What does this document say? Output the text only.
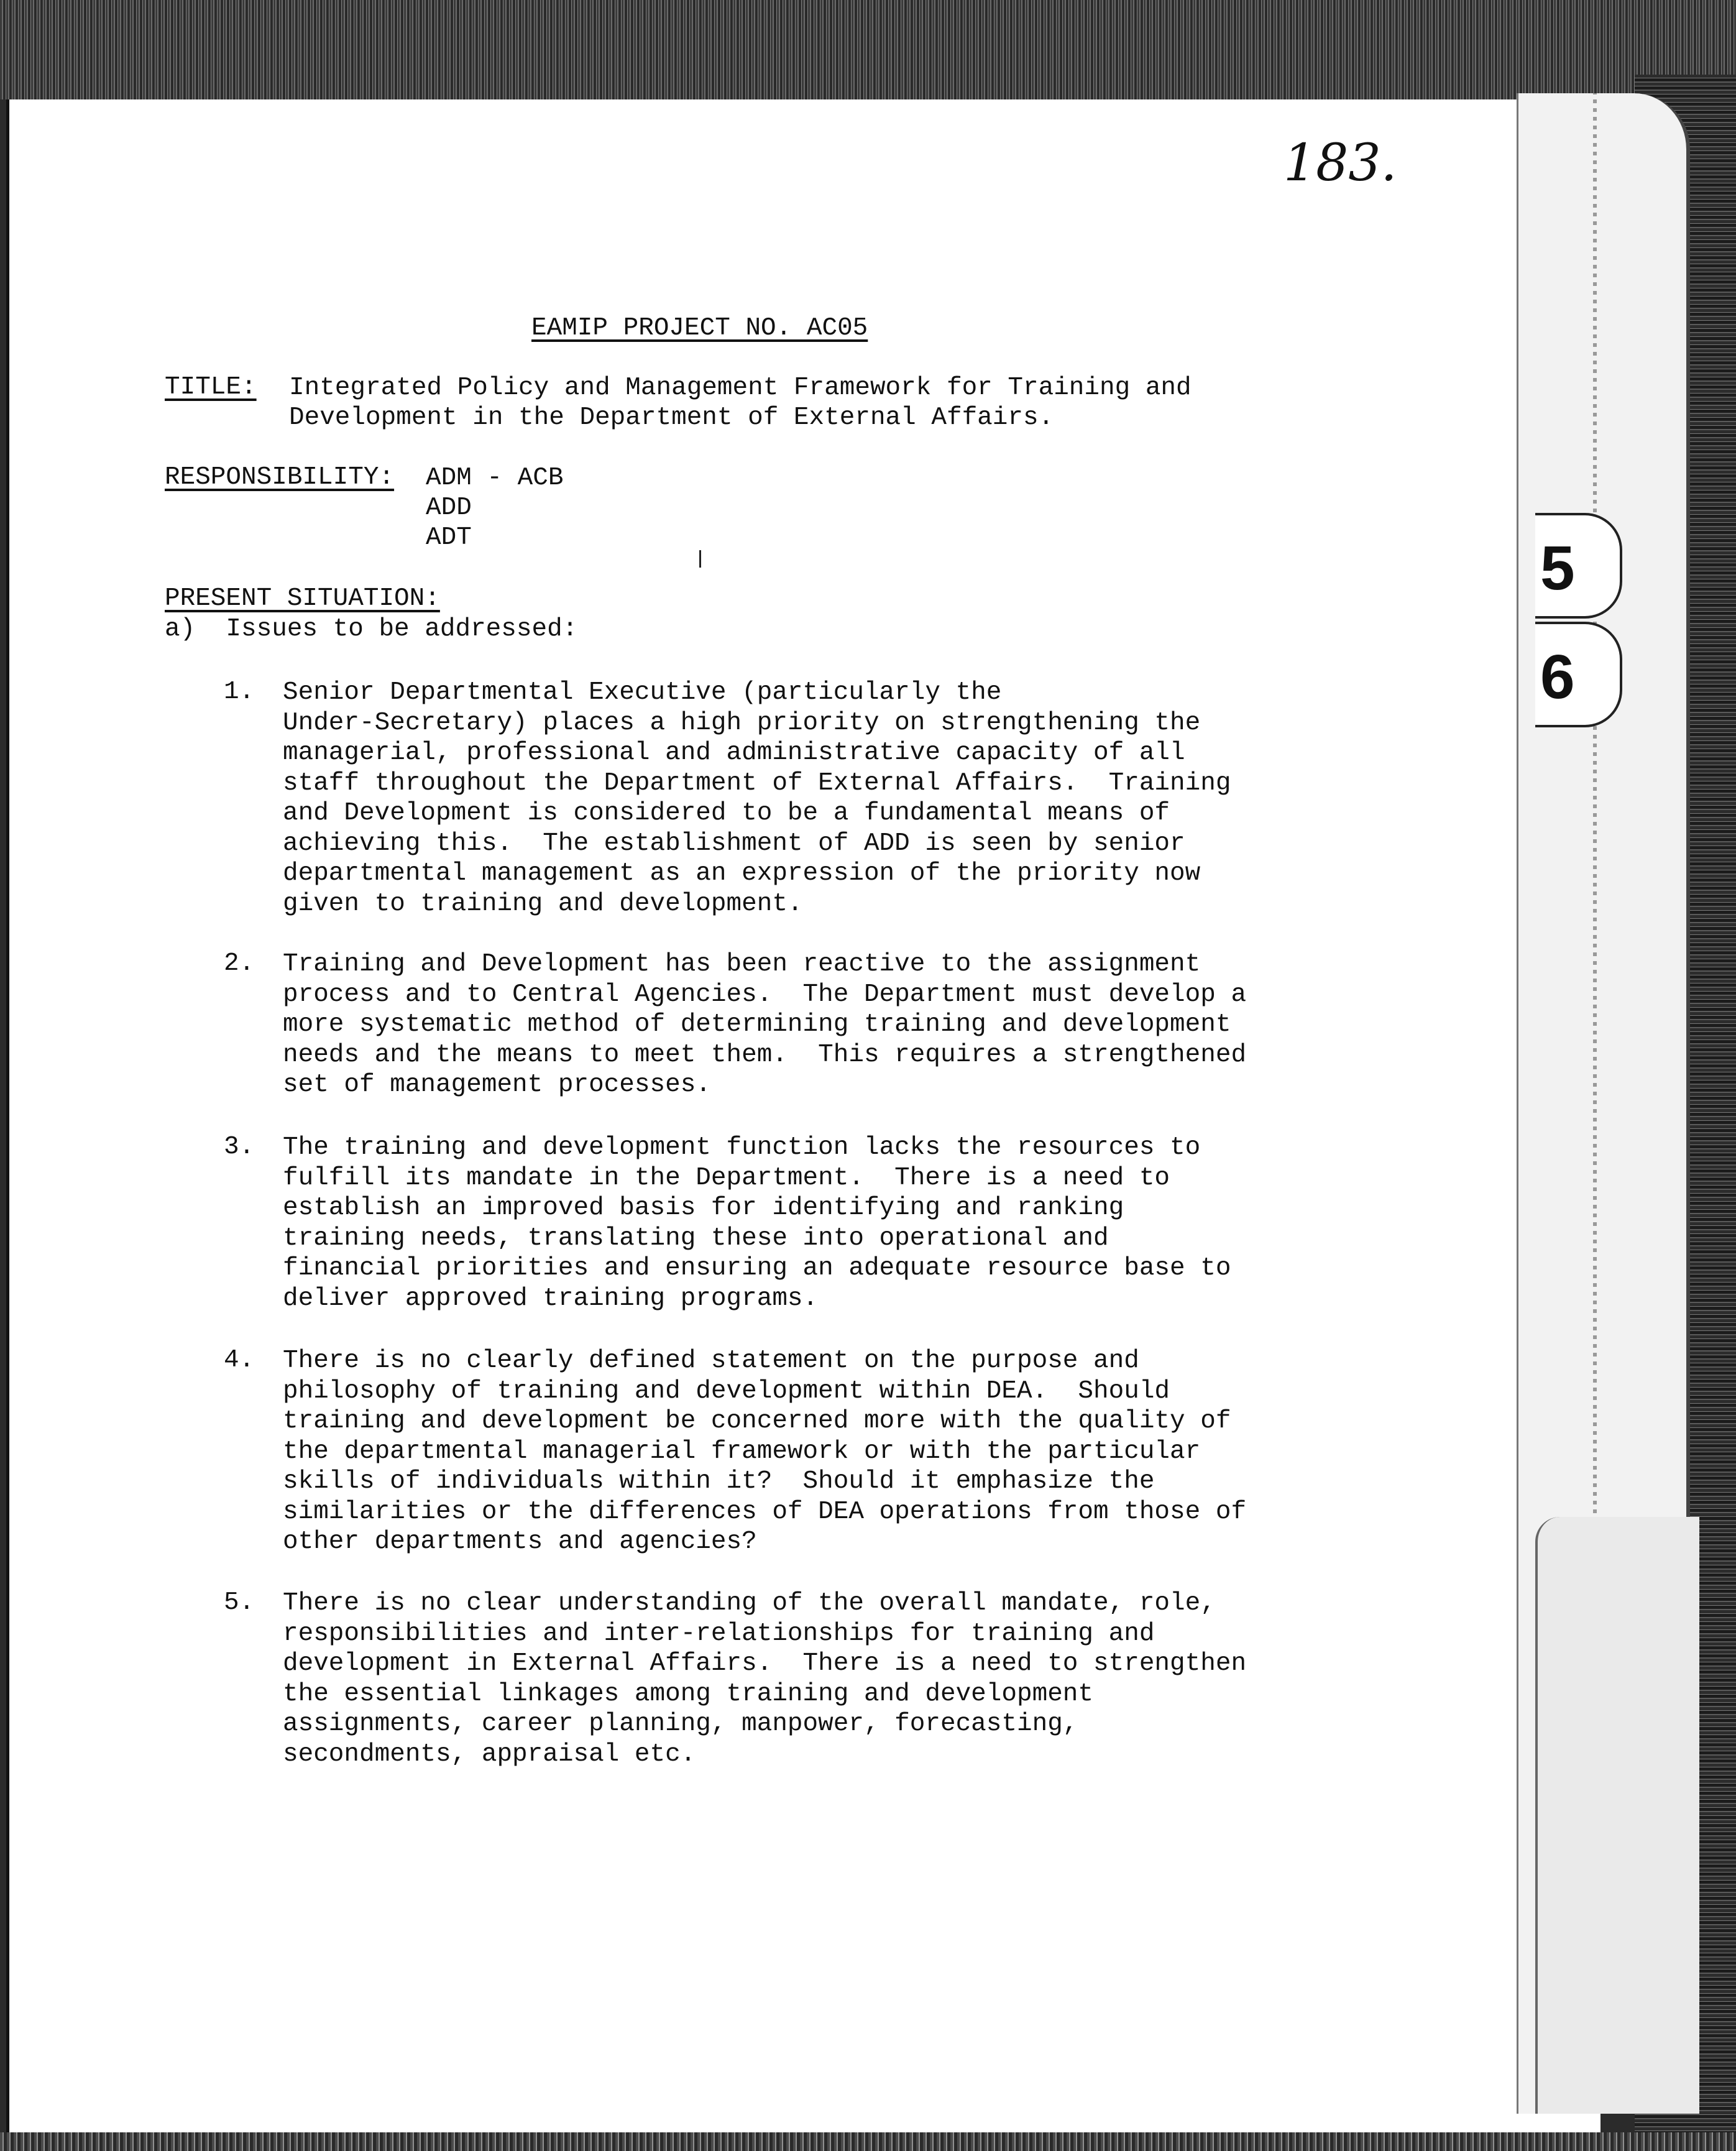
5
6
183.
EAMIP PROJECT NO. AC05
TITLE: Integrated Policy and Management Framework for Training and
Development in the Department of External Affairs.
RESPONSIBILITY: ADM - ACB
ADD
ADT
PRESENT SITUATION:
a)  Issues to be addressed:
1. Senior Departmental Executive (particularly the
Under-Secretary) places a high priority on strengthening the
managerial, professional and administrative capacity of all
staff throughout the Department of External Affairs.  Training
and Development is considered to be a fundamental means of
achieving this.  The establishment of ADD is seen by senior
departmental management as an expression of the priority now
given to training and development.
2. Training and Development has been reactive to the assignment
process and to Central Agencies.  The Department must develop a
more systematic method of determining training and development
needs and the means to meet them.  This requires a strengthened
set of management processes.
3. The training and development function lacks the resources to
fulfill its mandate in the Department.  There is a need to
establish an improved basis for identifying and ranking
training needs, translating these into operational and
financial priorities and ensuring an adequate resource base to
deliver approved training programs.
4. There is no clearly defined statement on the purpose and
philosophy of training and development within DEA.  Should
training and development be concerned more with the quality of
the departmental managerial framework or with the particular
skills of individuals within it?  Should it emphasize the
similarities or the differences of DEA operations from those of
other departments and agencies?
5. There is no clear understanding of the overall mandate, role,
responsibilities and inter-relationships for training and
development in External Affairs.  There is a need to strengthen
the essential linkages among training and development
assignments, career planning, manpower, forecasting,
secondments, appraisal etc.
